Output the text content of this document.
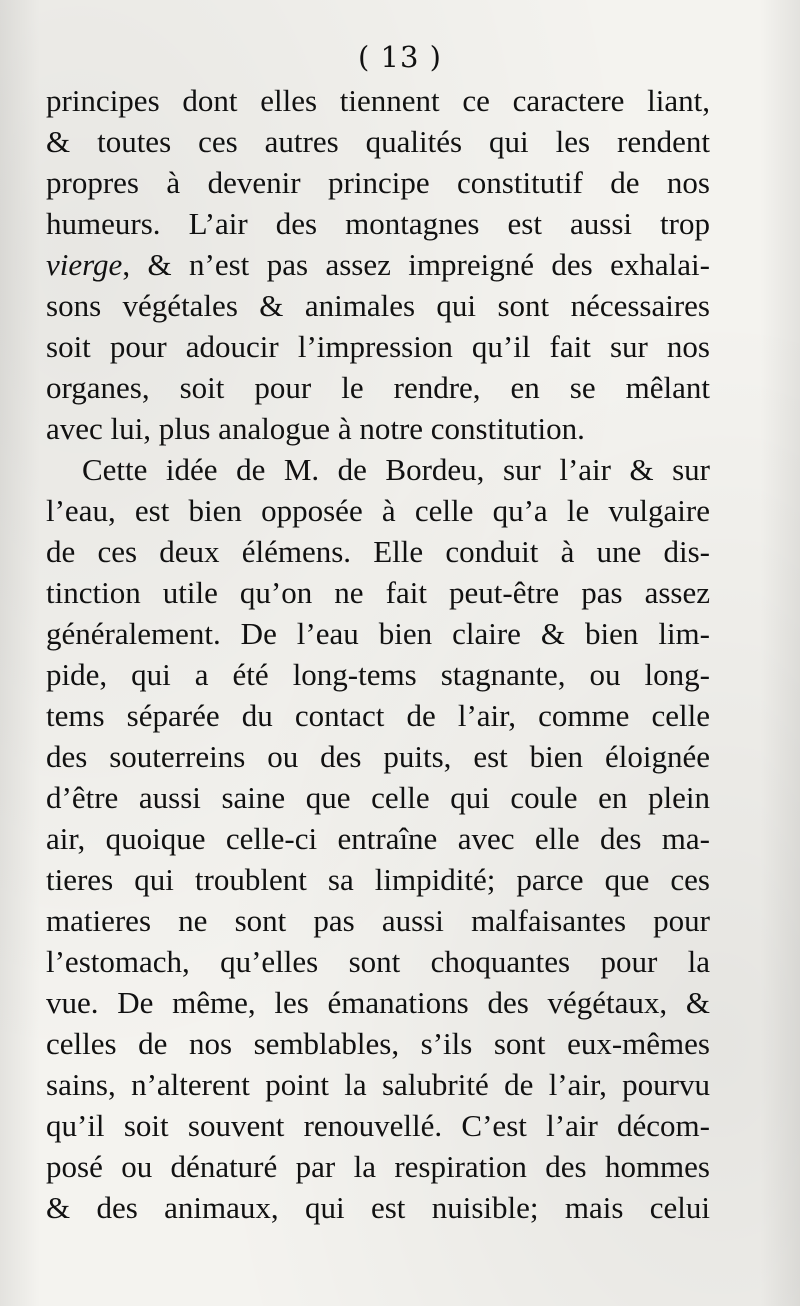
( 13 )
principes dont elles tiennent ce caractere liant,
& toutes ces autres qualités qui les rendent
propres à devenir principe constitutif de nos
humeurs. L’air des montagnes est aussi trop
vierge, & n’est pas assez impreigné des exhalai-
sons végétales & animales qui sont nécessaires
soit pour adoucir l’impression qu’il fait sur nos
organes, soit pour le rendre, en se mêlant
avec lui, plus analogue à notre constitution.
Cette idée de M. de Bordeu, sur l’air & sur
l’eau, est bien opposée à celle qu’a le vulgaire
de ces deux élémens. Elle conduit à une dis-
tinction utile qu’on ne fait peut-être pas assez
généralement. De l’eau bien claire & bien lim-
pide, qui a été long-tems stagnante, ou long-
tems séparée du contact de l’air, comme celle
des souterreins ou des puits, est bien éloignée
d’être aussi saine que celle qui coule en plein
air, quoique celle-ci entraîne avec elle des ma-
tieres qui troublent sa limpidité; parce que ces
matieres ne sont pas aussi malfaisantes pour
l’estomach, qu’elles sont choquantes pour la
vue. De même, les émanations des végétaux, &
celles de nos semblables, s’ils sont eux-mêmes
sains, n’alterent point la salubrité de l’air, pourvu
qu’il soit souvent renouvellé. C’est l’air décom-
posé ou dénaturé par la respiration des hommes
& des animaux, qui est nuisible; mais celui
